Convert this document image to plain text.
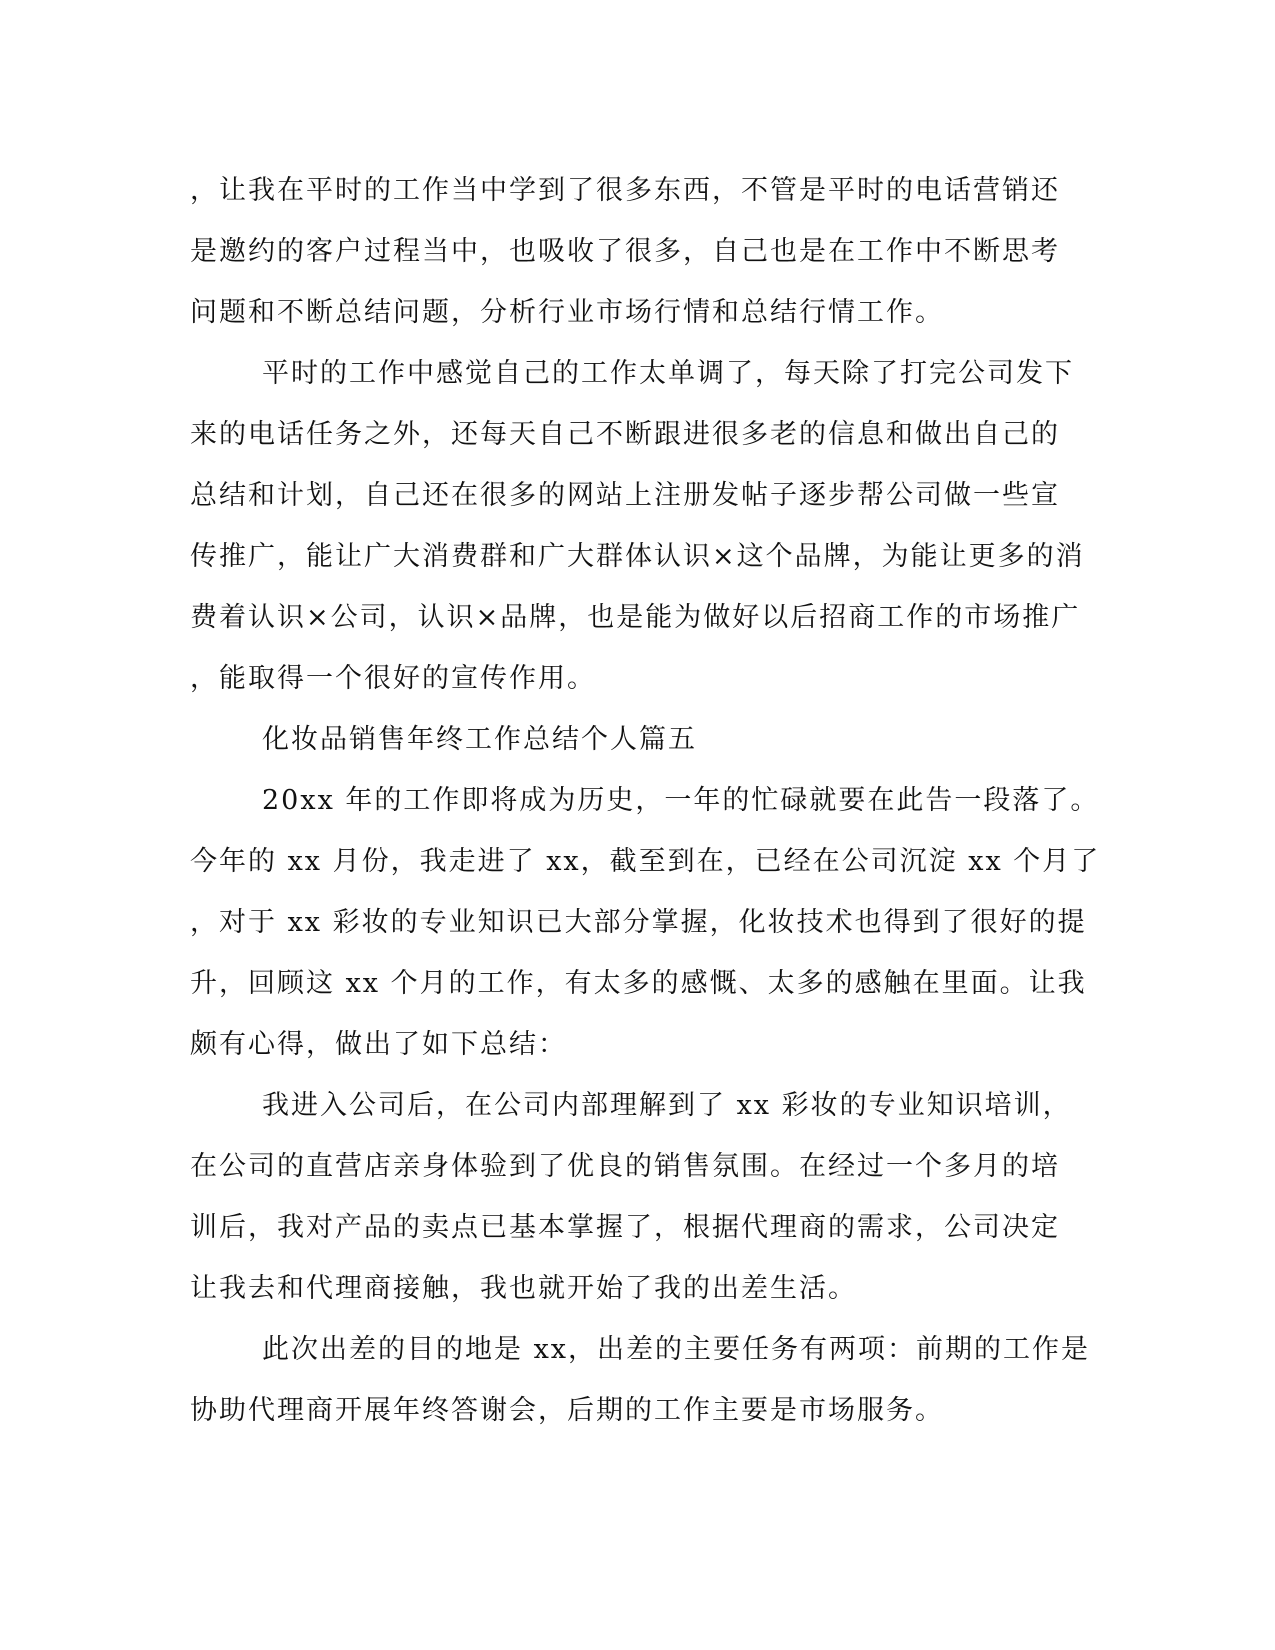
，让我在平时的工作当中学到了很多东西，不管是平时的电话营销还
是邀约的客户过程当中，也吸收了很多，自己也是在工作中不断思考
问题和不断总结问题，分析行业市场行情和总结行情工作。
平时的工作中感觉自己的工作太单调了，每天除了打完公司发下
来的电话任务之外，还每天自己不断跟进很多老的信息和做出自己的
总结和计划，自己还在很多的网站上注册发帖子逐步帮公司做一些宣
传推广，能让广大消费群和广大群体认识×这个品牌，为能让更多的消
费着认识×公司，认识×品牌，也是能为做好以后招商工作的市场推广
，能取得一个很好的宣传作用。
化妆品销售年终工作总结个人篇五
20xx 年的工作即将成为历史，一年的忙碌就要在此告一段落了。
今年的 xx 月份，我走进了 xx，截至到在，已经在公司沉淀 xx 个月了
，对于 xx 彩妆的专业知识已大部分掌握，化妆技术也得到了很好的提
升，回顾这 xx 个月的工作，有太多的感慨、太多的感触在里面。让我
颇有心得，做出了如下总结：
我进入公司后，在公司内部理解到了 xx 彩妆的专业知识培训，
在公司的直营店亲身体验到了优良的销售氛围。在经过一个多月的培
训后，我对产品的卖点已基本掌握了，根据代理商的需求，公司决定
让我去和代理商接触，我也就开始了我的出差生活。
此次出差的目的地是 xx，出差的主要任务有两项：前期的工作是
协助代理商开展年终答谢会，后期的工作主要是市场服务。
